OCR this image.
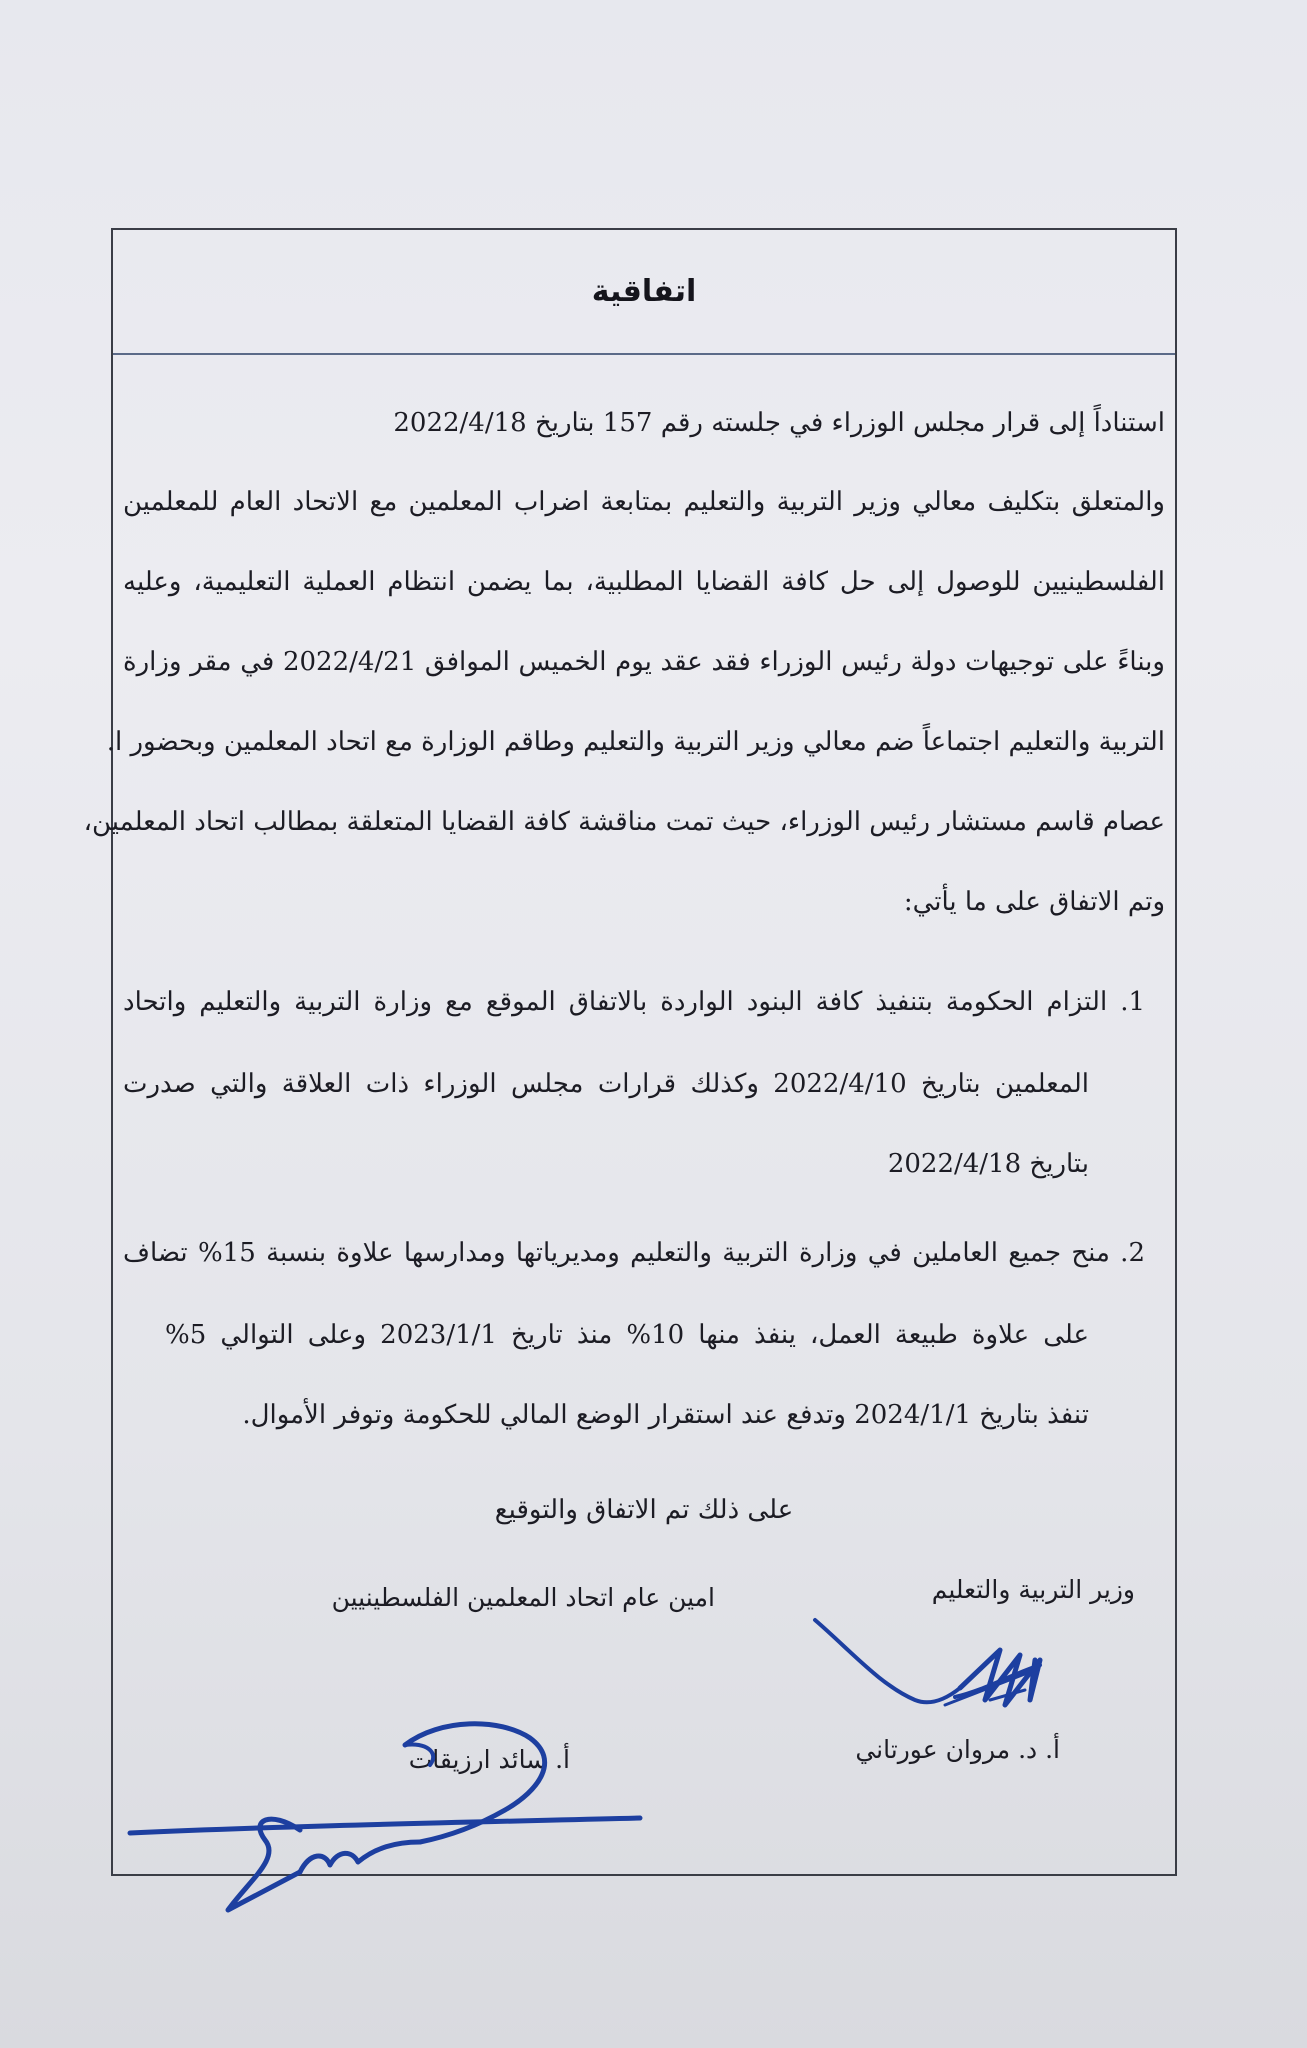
اتفاقية
استناداً إلى قرار مجلس الوزراء في جلسته رقم 157 بتاريخ 2022/4/18
والمتعلق بتكليف معالي وزير التربية والتعليم بمتابعة اضراب المعلمين مع الاتحاد العام للمعلمين
الفلسطينيين للوصول إلى حل كافة القضايا المطلبية، بما يضمن انتظام العملية التعليمية، وعليه
وبناءً على توجيهات دولة رئيس الوزراء فقد عقد يوم الخميس الموافق 2022/4/21 في مقر وزارة
التربية والتعليم اجتماعاً ضم معالي وزير التربية والتعليم وطاقم الوزارة مع اتحاد المعلمين وبحضور ا.
عصام قاسم مستشار رئيس الوزراء، حيث تمت مناقشة كافة القضايا المتعلقة بمطالب اتحاد المعلمين،
وتم الاتفاق على ما يأتي:
1. التزام الحكومة بتنفيذ كافة البنود الواردة بالاتفاق الموقع مع وزارة التربية والتعليم واتحاد
المعلمين بتاريخ 2022/4/10 وكذلك قرارات مجلس الوزراء ذات العلاقة والتي صدرت
بتاريخ 2022/4/18
2. منح جميع العاملين في وزارة التربية والتعليم ومديرياتها ومدارسها علاوة بنسبة 15% تضاف
على علاوة طبيعة العمل، ينفذ منها 10% منذ تاريخ 2023/1/1 وعلى التوالي 5%
تنفذ بتاريخ 2024/1/1 وتدفع عند استقرار الوضع المالي للحكومة وتوفر الأموال.
على ذلك تم الاتفاق والتوقيع
وزير التربية والتعليم
امين عام اتحاد المعلمين الفلسطينيين
أ. د. مروان عورتاني
أ. سائد ارزيقات
